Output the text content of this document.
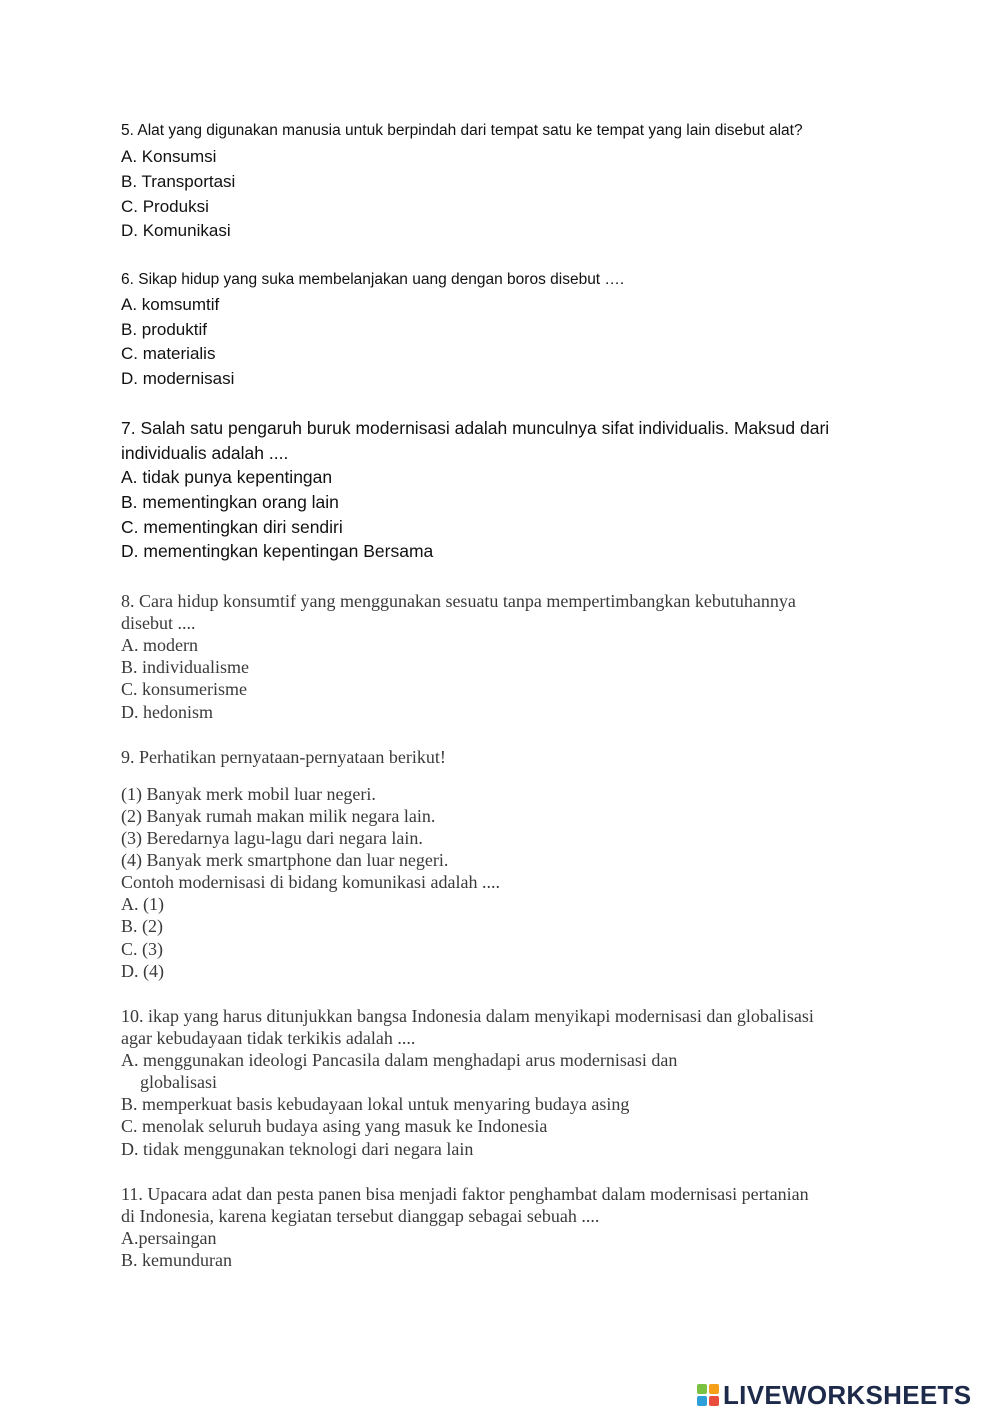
5. Alat yang digunakan manusia untuk berpindah dari tempat satu ke tempat yang lain disebut alat?

A. Konsumsi

B. Transportasi

C. Produksi

D. Komunikasi

6. Sikap hidup yang suka membelanjakan uang dengan boros disebut ….

A. komsumtif

B. produktif

C. materialis

D. modernisasi

7. Salah satu pengaruh buruk modernisasi adalah munculnya sifat individualis. Maksud dari

individualis adalah ....

A. tidak punya kepentingan

B. mementingkan orang lain

C. mementingkan diri sendiri

D. mementingkan kepentingan Bersama

8. Cara hidup konsumtif yang menggunakan sesuatu tanpa mempertimbangkan kebutuhannya

disebut ....

A. modern

B. individualisme

C. konsumerisme

D. hedonism

9. Perhatikan pernyataan-pernyataan berikut!

(1) Banyak merk mobil luar negeri.

(2) Banyak rumah makan milik negara lain.

(3) Beredarnya lagu-lagu dari negara lain.

(4) Banyak merk smartphone dan luar negeri.

Contoh modernisasi di bidang komunikasi adalah ....

A. (1)

B. (2)

C. (3)

D. (4)

10. ikap yang harus ditunjukkan bangsa Indonesia dalam menyikapi modernisasi dan globalisasi

agar kebudayaan tidak terkikis adalah ....

A. menggunakan ideologi Pancasila dalam menghadapi arus modernisasi dan

globalisasi

B. memperkuat basis kebudayaan lokal untuk menyaring budaya asing

C. menolak seluruh budaya asing yang masuk ke Indonesia

D. tidak menggunakan teknologi dari negara lain

11. Upacara adat dan pesta panen bisa menjadi faktor penghambat dalam modernisasi pertanian

di Indonesia, karena kegiatan tersebut dianggap sebagai sebuah ....

A.persaingan

B. kemunduran

LIVEWORKSHEETS
